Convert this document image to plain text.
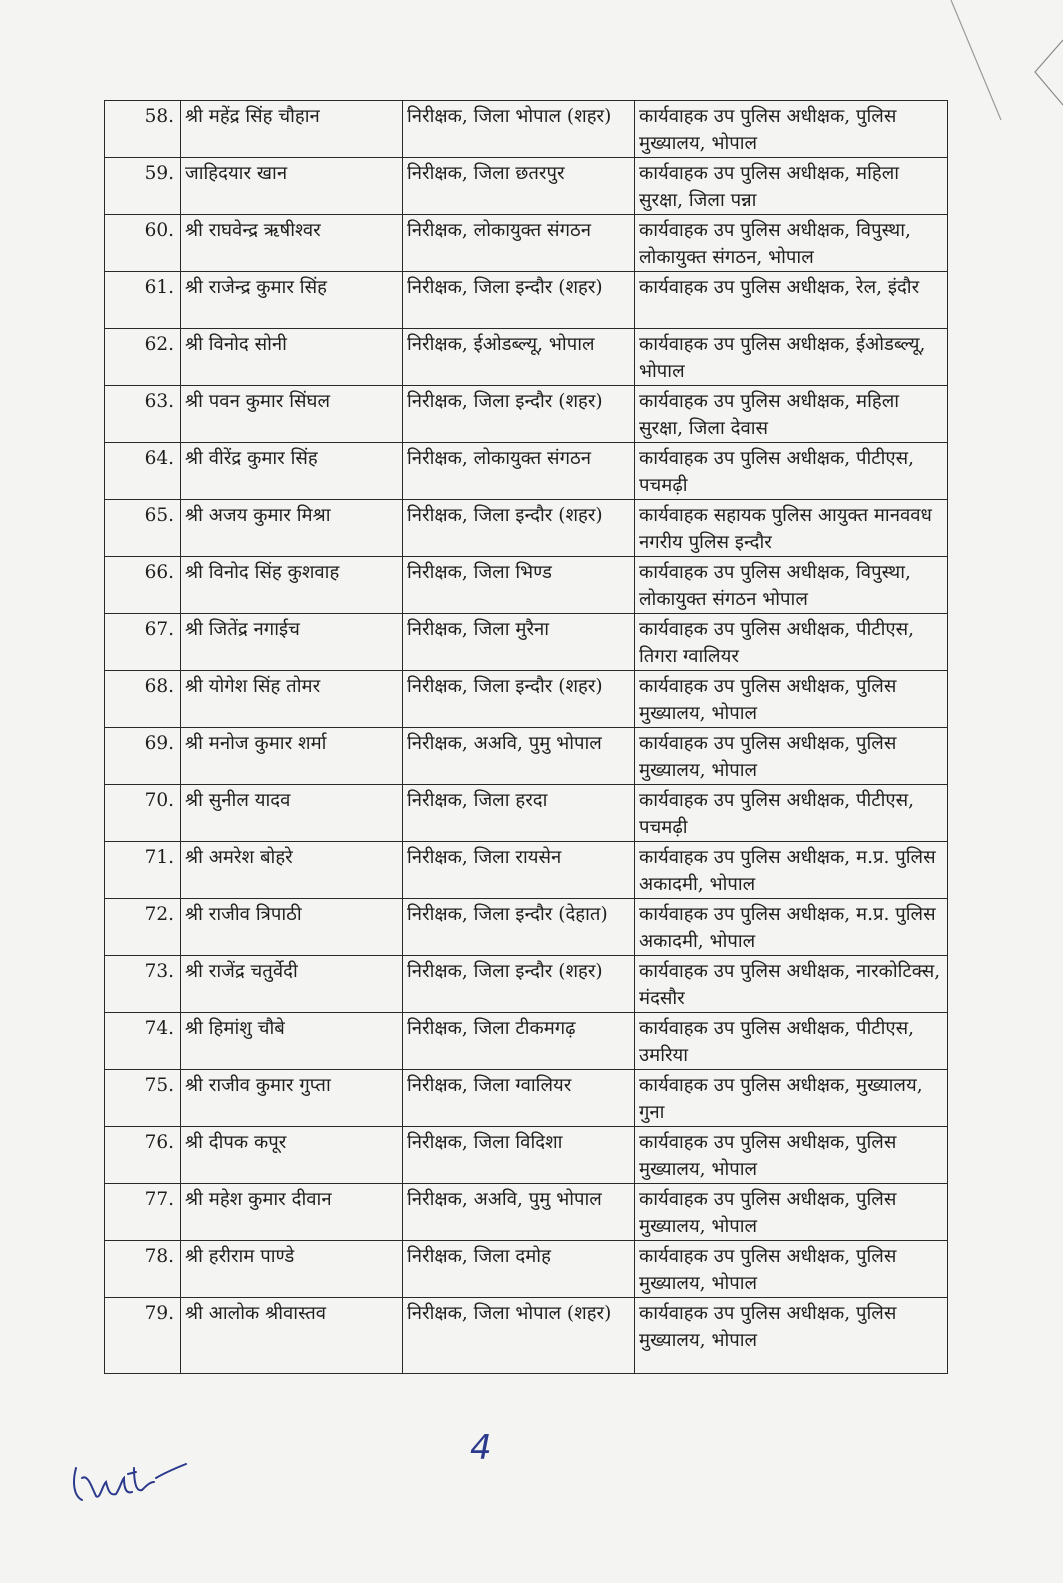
58.	श्री महेंद्र सिंह चौहान	निरीक्षक, जिला भोपाल (शहर)	कार्यवाहक उप पुलिस अधीक्षक, पुलिस मुख्यालय, भोपाल
59.	जाहिदयार खान	निरीक्षक, जिला छतरपुर	कार्यवाहक उप पुलिस अधीक्षक, महिला सुरक्षा, जिला पन्ना
60.	श्री राघवेन्द्र ऋषीश्वर	निरीक्षक, लोकायुक्त संगठन	कार्यवाहक उप पुलिस अधीक्षक, विपुस्था, लोकायुक्त संगठन, भोपाल
61.	श्री राजेन्द्र कुमार सिंह	निरीक्षक, जिला इन्दौर (शहर)	कार्यवाहक उप पुलिस अधीक्षक, रेल, इंदौर
62.	श्री विनोद सोनी	निरीक्षक, ईओडब्ल्यू, भोपाल	कार्यवाहक उप पुलिस अधीक्षक, ईओडब्ल्यू, भोपाल
63.	श्री पवन कुमार सिंघल	निरीक्षक, जिला इन्दौर (शहर)	कार्यवाहक उप पुलिस अधीक्षक, महिला सुरक्षा, जिला देवास
64.	श्री वीरेंद्र कुमार सिंह	निरीक्षक, लोकायुक्त संगठन	कार्यवाहक उप पुलिस अधीक्षक, पीटीएस, पचमढ़ी
65.	श्री अजय कुमार मिश्रा	निरीक्षक, जिला इन्दौर (शहर)	कार्यवाहक सहायक पुलिस आयुक्त मानववध नगरीय पुलिस इन्दौर
66.	श्री विनोद सिंह कुशवाह	निरीक्षक, जिला भिण्ड	कार्यवाहक उप पुलिस अधीक्षक, विपुस्था, लोकायुक्त संगठन भोपाल
67.	श्री जितेंद्र नगाईच	निरीक्षक, जिला मुरैना	कार्यवाहक उप पुलिस अधीक्षक, पीटीएस, तिगरा ग्वालियर
68.	श्री योगेश सिंह तोमर	निरीक्षक, जिला इन्दौर (शहर)	कार्यवाहक उप पुलिस अधीक्षक, पुलिस मुख्यालय, भोपाल
69.	श्री मनोज कुमार शर्मा	निरीक्षक, अअवि, पुमु भोपाल	कार्यवाहक उप पुलिस अधीक्षक, पुलिस मुख्यालय, भोपाल
70.	श्री सुनील यादव	निरीक्षक, जिला हरदा	कार्यवाहक उप पुलिस अधीक्षक, पीटीएस, पचमढ़ी
71.	श्री अमरेश बोहरे	निरीक्षक, जिला रायसेन	कार्यवाहक उप पुलिस अधीक्षक, म.प्र. पुलिस अकादमी, भोपाल
72.	श्री राजीव त्रिपाठी	निरीक्षक, जिला इन्दौर (देहात)	कार्यवाहक उप पुलिस अधीक्षक, म.प्र. पुलिस अकादमी, भोपाल
73.	श्री राजेंद्र चतुर्वेदी	निरीक्षक, जिला इन्दौर (शहर)	कार्यवाहक उप पुलिस अधीक्षक, नारकोटिक्स, मंदसौर
74.	श्री हिमांशु चौबे	निरीक्षक, जिला टीकमगढ़	कार्यवाहक उप पुलिस अधीक्षक, पीटीएस, उमरिया
75.	श्री राजीव कुमार गुप्ता	निरीक्षक, जिला ग्वालियर	कार्यवाहक उप पुलिस अधीक्षक, मुख्यालय, गुना
76.	श्री दीपक कपूर	निरीक्षक, जिला विदिशा	कार्यवाहक उप पुलिस अधीक्षक, पुलिस मुख्यालय, भोपाल
77.	श्री महेश कुमार दीवान	निरीक्षक, अअवि, पुमु भोपाल	कार्यवाहक उप पुलिस अधीक्षक, पुलिस मुख्यालय, भोपाल
78.	श्री हरीराम पाण्डे	निरीक्षक, जिला दमोह	कार्यवाहक उप पुलिस अधीक्षक, पुलिस मुख्यालय, भोपाल
79.	श्री आलोक श्रीवास्तव	निरीक्षक, जिला भोपाल (शहर)	कार्यवाहक उप पुलिस अधीक्षक, पुलिस मुख्यालय, भोपाल
4
